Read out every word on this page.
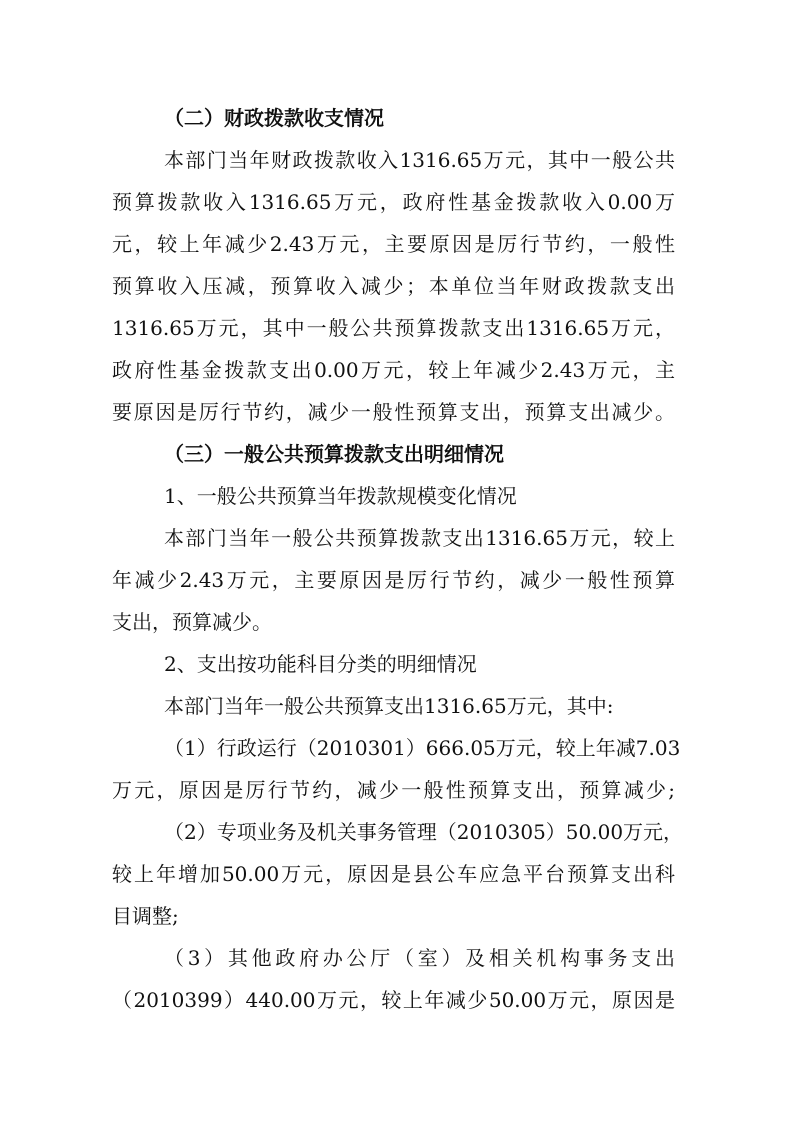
（二）财政拨款收支情况
本部门当年财政拨款收入1316.65万元，其中一般公共
预算拨款收入1316.65万元，政府性基金拨款收入0.00万
元，较上年减少2.43万元，主要原因是厉行节约，一般性
预算收入压减，预算收入减少；本单位当年财政拨款支出
1316.65万元，其中一般公共预算拨款支出1316.65万元，
政府性基金拨款支出0.00万元，较上年减少2.43万元，主
要原因是厉行节约，减少一般性预算支出，预算支出减少。
（三）一般公共预算拨款支出明细情况
1、一般公共预算当年拨款规模变化情况
本部门当年一般公共预算拨款支出1316.65万元，较上
年减少2.43万元，主要原因是厉行节约，减少一般性预算
支出，预算减少。
2、支出按功能科目分类的明细情况
本部门当年一般公共预算支出1316.65万元，其中:
（1）行政运行（2010301）666.05万元，较上年减7.03
万元，原因是厉行节约，减少一般性预算支出，预算减少;
（2）专项业务及机关事务管理（2010305）50.00万元，
较上年增加50.00万元，原因是县公车应急平台预算支出科
目调整;
（3）其他政府办公厅（室）及相关机构事务支出
（2010399）440.00万元，较上年减少50.00万元，原因是
